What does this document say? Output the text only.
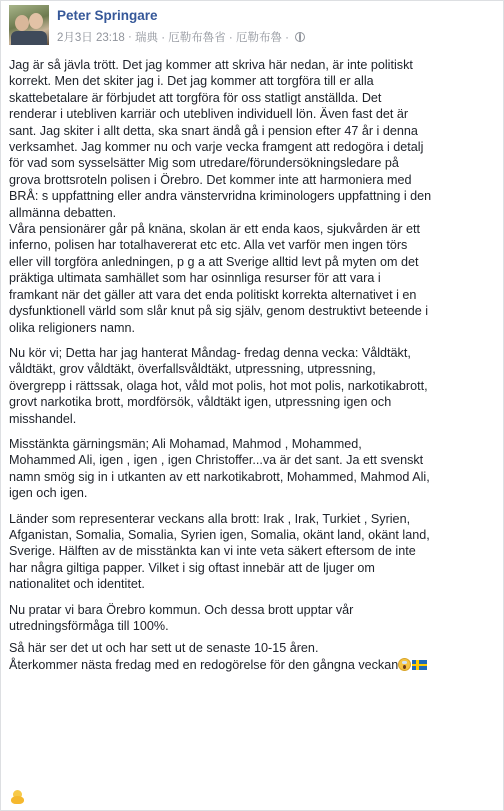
Peter Springare
2月3日 23:18 · 瑞典 · 厄勒布魯省 · 厄勒布魯 ·

Jag är så jävla trött. Det jag kommer att skriva här nedan, är inte politiskt
korrekt. Men det skiter jag i. Det jag kommer att torgföra till er alla
skattebetalare är förbjudet att torgföra för oss statligt anställda. Det
renderar i utebliven karriär och utebliven individuell lön. Även fast det är
sant. Jag skiter i allt detta, ska snart ändå gå i pension efter 47 år i denna
verksamhet. Jag kommer nu och varje vecka framgent att redogöra i detalj
för vad som sysselsätter Mig som utredare/förundersökningsledare på
grova brottsroteln polisen i Örebro. Det kommer inte att harmoniera med
BRÅ: s uppfattning eller andra vänstervridna kriminologers uppfattning i den
allmänna debatten.
Våra pensionärer går på knäna, skolan är ett enda kaos, sjukvården är ett
inferno, polisen har totalhavererat etc etc. Alla vet varför men ingen törs
eller vill torgföra anledningen, p g a att Sverige alltid levt på myten om det
präktiga ultimata samhället som har osinnliga resurser för att vara i
framkant när det gäller att vara det enda politiskt korrekta alternativet i en
dysfunktionell värld som slår knut på sig själv, genom destruktivt beteende i
olika religioners namn.

Nu kör vi; Detta har jag hanterat Måndag- fredag denna vecka: Våldtäkt,
våldtäkt, grov våldtäkt, överfallsvåldtäkt, utpressning, utpressning,
övergrepp i rättssak, olaga hot, våld mot polis, hot mot polis, narkotikabrott,
grovt narkotika brott, mordförsök, våldtäkt igen, utpressning igen och
misshandel.

Misstänkta gärningsmän; Ali Mohamad, Mahmod , Mohammed,
Mohammed Ali, igen , igen , igen Christoffer...va är det sant. Ja ett svenskt
namn smög sig in i utkanten av ett narkotikabrott, Mohammed, Mahmod Ali,
igen och igen.

Länder som representerar veckans alla brott: Irak , Irak, Turkiet , Syrien,
Afganistan, Somalia, Somalia, Syrien igen, Somalia, okänt land, okänt land,
Sverige. Hälften av de misstänkta kan vi inte veta säkert eftersom de inte
har några giltiga papper. Vilket i sig oftast innebär att de ljuger om
nationalitet och identitet.

Nu pratar vi bara Örebro kommun. Och dessa brott upptar vår
utredningsförmåga till 100%.

Så här ser det ut och har sett ut de senaste 10-15 åren.
Återkommer nästa fredag med en redogörelse för den gångna veckan
